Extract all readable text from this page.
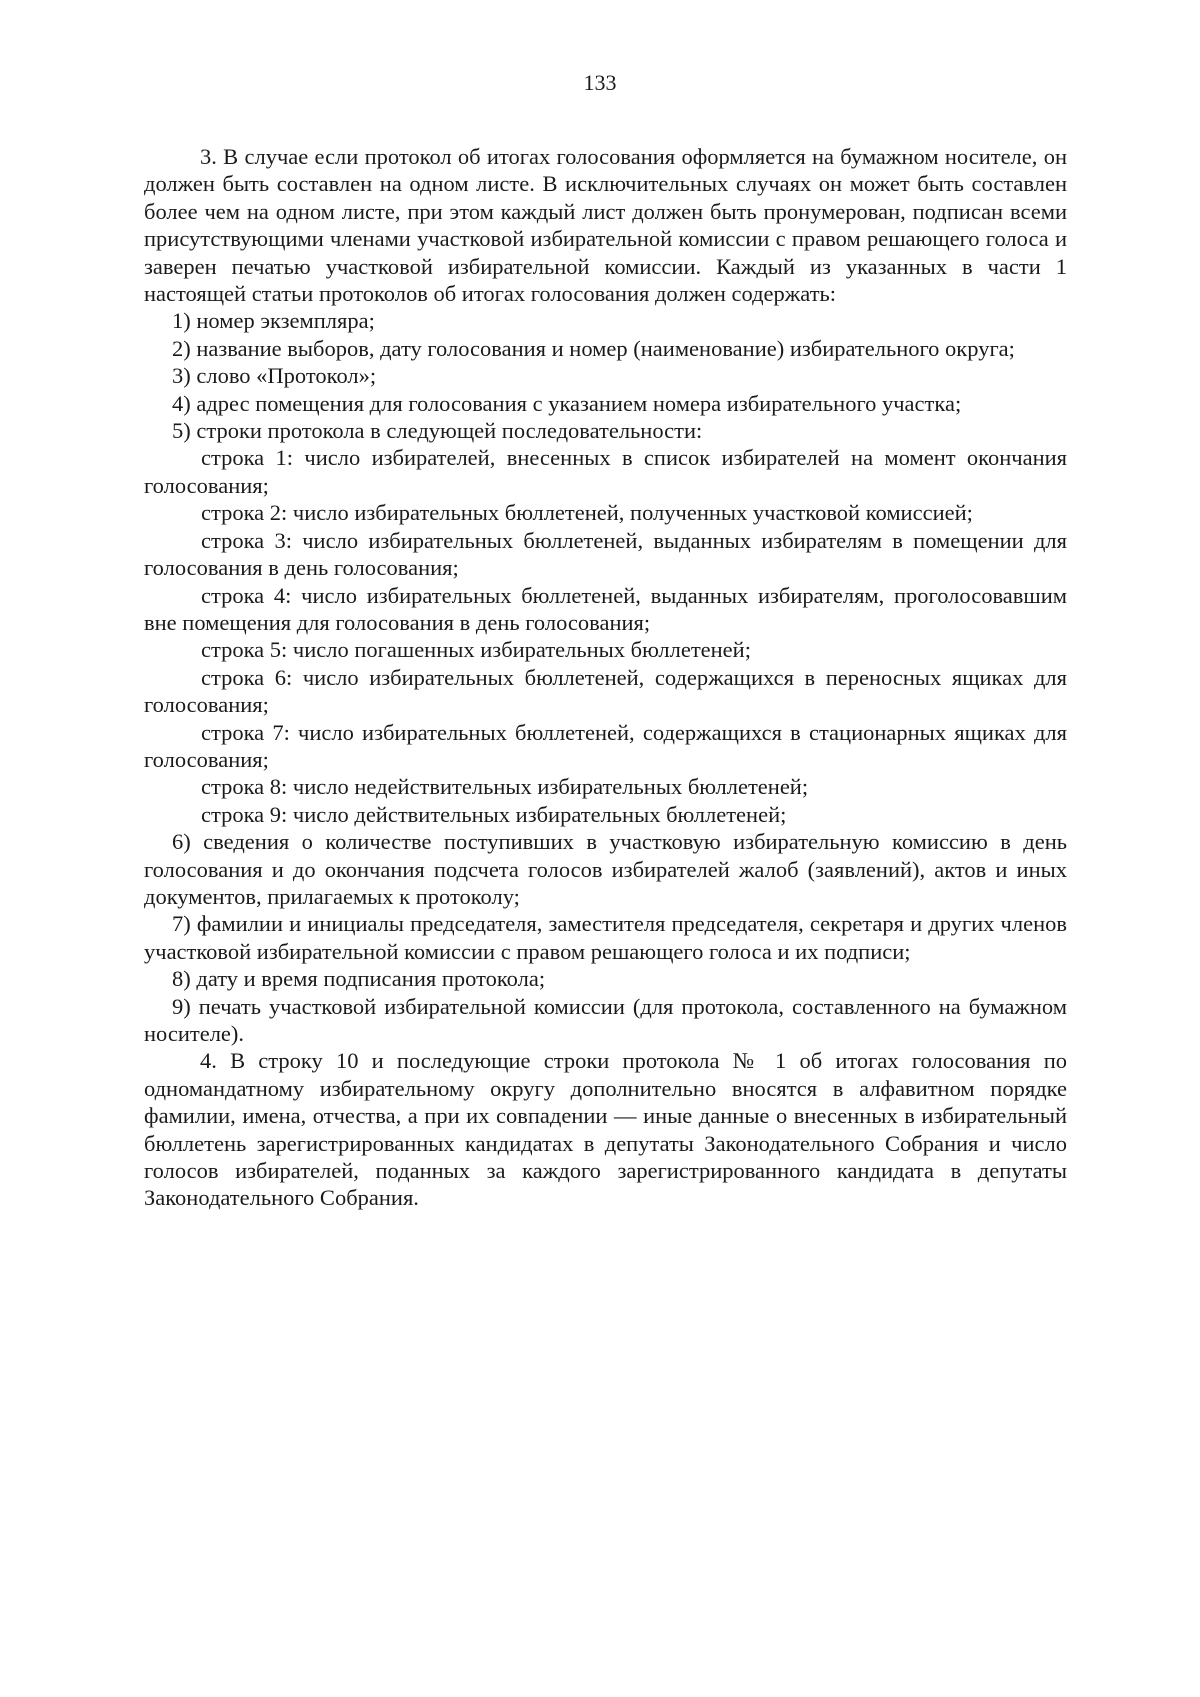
133

3. В случае если протокол об итогах голосования оформляется на бумажном носителе, он должен быть составлен на одном листе. В исключительных случаях он может быть составлен более чем на одном листе, при этом каждый лист должен быть пронумерован, подписан всеми присутствующими членами участковой избирательной комиссии с правом решающего голоса и заверен печатью участковой избирательной комиссии. Каждый из указанных в части 1 настоящей статьи протоколов об итогах голосования должен содержать:

1) номер экземпляра;

2) название выборов, дату голосования и номер (наименование) избирательного округа;

3) слово «Протокол»;

4) адрес помещения для голосования с указанием номера избирательного участка;

5) строки протокола в следующей последовательности:

строка 1: число избирателей, внесенных в список избирателей на момент окончания голосования;

строка 2: число избирательных бюллетеней, полученных участковой комиссией;

строка 3: число избирательных бюллетеней, выданных избирателям в помещении для голосования в день голосования;

строка 4: число избирательных бюллетеней, выданных избирателям, проголосовавшим вне помещения для голосования в день голосования;

строка 5: число погашенных избирательных бюллетеней;

строка 6: число избирательных бюллетеней, содержащихся в переносных ящиках для голосования;

строка 7: число избирательных бюллетеней, содержащихся в стационарных ящиках для голосования;

строка 8: число недействительных избирательных бюллетеней;

строка 9: число действительных избирательных бюллетеней;

6) сведения о количестве поступивших в участковую избирательную комиссию в день голосования и до окончания подсчета голосов избирателей жалоб (заявлений), актов и иных документов, прилагаемых к протоколу;

7) фамилии и инициалы председателя, заместителя председателя, секретаря и других членов участковой избирательной комиссии с правом решающего голоса и их подписи;

8) дату и время подписания протокола;

9) печать участковой избирательной комиссии (для протокола, составленного на бумажном носителе).

4. В строку 10 и последующие строки протокола № 1 об итогах голосования по одномандатному избирательному округу дополнительно вносятся в алфавитном порядке фамилии, имена, отчества, а при их совпадении — иные данные о внесенных в избирательный бюллетень зарегистрированных кандидатах в депутаты Законодательного Собрания и число голосов избирателей, поданных за каждого зарегистрированного кандидата в депутаты Законодательного Собрания.
